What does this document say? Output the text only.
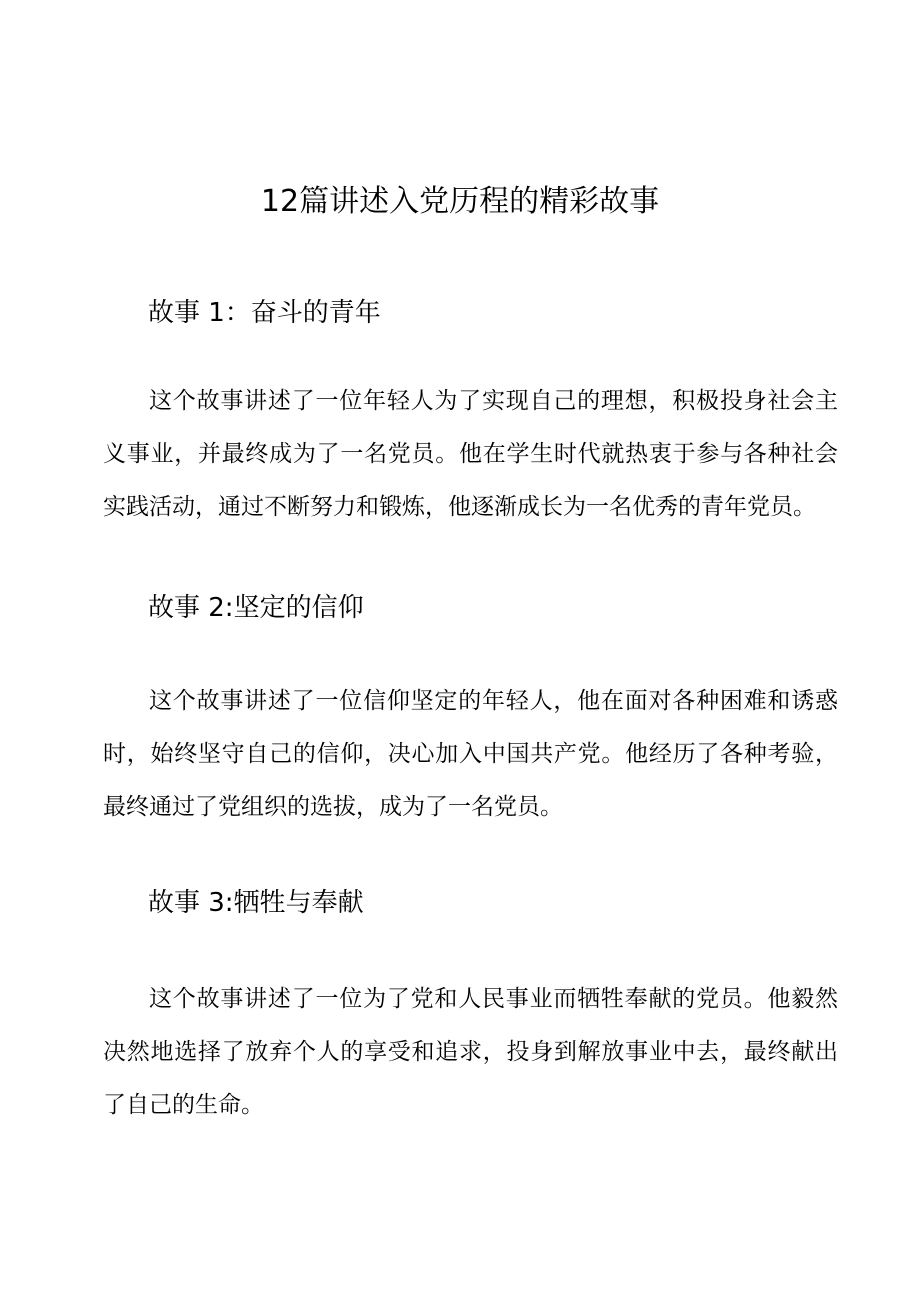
12篇讲述入党历程的精彩故事
故事 1：奋斗的青年

这个故事讲述了一位年轻人为了实现自己的理想，积极投身社会主义事业，并最终成为了一名党员。他在学生时代就热衷于参与各种社会实践活动，通过不断努力和锻炼，他逐渐成长为一名优秀的青年党员。

故事 2:坚定的信仰

这个故事讲述了一位信仰坚定的年轻人，他在面对各种困难和诱惑时，始终坚守自己的信仰，决心加入中国共产党。他经历了各种考验，最终通过了党组织的选拔，成为了一名党员。

故事 3:牺牲与奉献

这个故事讲述了一位为了党和人民事业而牺牲奉献的党员。他毅然决然地选择了放弃个人的享受和追求，投身到解放事业中去，最终献出了自己的生命。
